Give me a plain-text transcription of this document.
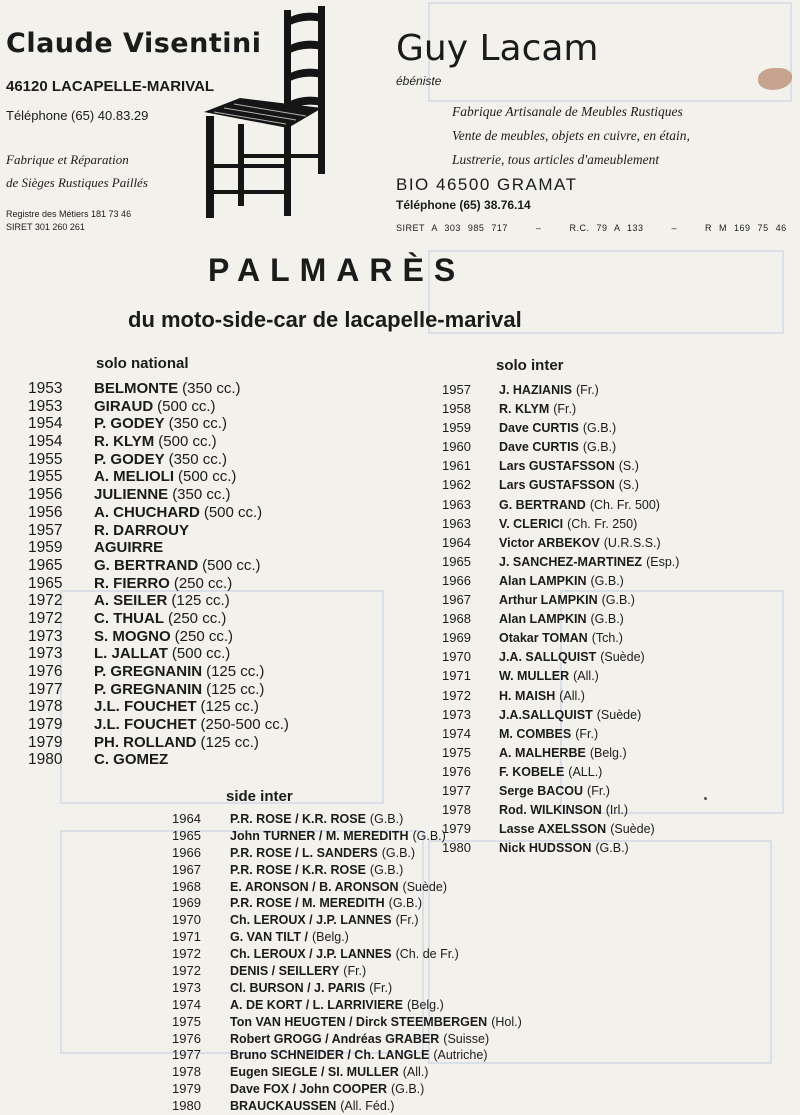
Claude Visentini
46120 LACAPELLE-MARIVAL
Téléphone (65) 40.83.29
Fabrique et Réparation
de Sièges Rustiques Paillés
Registre des Métiers 181 73 46
SIRET 301 260 261
Guy Lacam
ébéniste
Fabrique Artisanale de Meubles Rustiques
Vente de meubles, objets en cuivre, en étain,
Lustrerie, tous articles d'ameublement
BIO 46500 GRAMAT
Téléphone (65) 38.76.14
SIRET A 303 985 717	–	R.C. 79 A 133	–	R M 169 75 46
PALMARÈS
du moto-side-car de lacapelle-marival
solo national	solo inter
side inter
1953	BELMONTE (350 cc.)
1953	GIRAUD (500 cc.)
1954	P. GODEY (350 cc.)
1954	R. KLYM (500 cc.)
1955	P. GODEY (350 cc.)
1955	A. MELIOLI (500 cc.)
1956	JULIENNE (350 cc.)
1956	A. CHUCHARD (500 cc.)
1957	R. DARROUY
1959	AGUIRRE
1965	G. BERTRAND (500 cc.)
1965	R. FIERRO (250 cc.)
1972	A. SEILER (125 cc.)
1972	C. THUAL (250 cc.)
1973	S. MOGNO (250 cc.)
1973	L. JALLAT (500 cc.)
1976	P. GREGNANIN (125 cc.)
1977	P. GREGNANIN (125 cc.)
1978	J.L. FOUCHET (125 cc.)
1979	J.L. FOUCHET (250-500 cc.)
1979	PH. ROLLAND (125 cc.)
1980	C. GOMEZ
1957	J. HAZIANIS (Fr.)
1958	R. KLYM (Fr.)
1959	Dave CURTIS (G.B.)
1960	Dave CURTIS (G.B.)
1961	Lars GUSTAFSSON (S.)
1962	Lars GUSTAFSSON (S.)
1963	G. BERTRAND (Ch. Fr. 500)
1963	V. CLERICI (Ch. Fr. 250)
1964	Victor ARBEKOV (U.R.S.S.)
1965	J. SANCHEZ-MARTINEZ (Esp.)
1966	Alan LAMPKIN (G.B.)
1967	Arthur LAMPKIN (G.B.)
1968	Alan LAMPKIN (G.B.)
1969	Otakar TOMAN (Tch.)
1970	J.A. SALLQUIST (Suède)
1971	W. MULLER (All.)
1972	H. MAISH (All.)
1973	J.A.SALLQUIST (Suède)
1974	M. COMBES (Fr.)
1975	A. MALHERBE (Belg.)
1976	F. KOBELE (ALL.)
1977	Serge BACOU (Fr.)
1978	Rod. WILKINSON (Irl.)
1979	Lasse AXELSSON (Suède)
1980	Nick HUDSSON (G.B.)
1964	P.R. ROSE / K.R. ROSE (G.B.)
1965	John TURNER / M. MEREDITH (G.B.)
1966	P.R. ROSE / L. SANDERS (G.B.)
1967	P.R. ROSE / K.R. ROSE (G.B.)
1968	E. ARONSON / B. ARONSON (Suède)
1969	P.R. ROSE / M. MEREDITH (G.B.)
1970	Ch. LEROUX / J.P. LANNES (Fr.)
1971	G. VAN TILT / (Belg.)
1972	Ch. LEROUX / J.P. LANNES (Ch. de Fr.)
1972	DENIS / SEILLERY (Fr.)
1973	Cl. BURSON / J. PARIS (Fr.)
1974	A. DE KORT / L. LARRIVIERE (Belg.)
1975	Ton VAN HEUGTEN / Dirck STEEMBERGEN (Hol.)
1976	Robert GROGG / Andréas GRABER (Suisse)
1977	Bruno SCHNEIDER / Ch. LANGLE (Autriche)
1978	Eugen SIEGLE / SI. MULLER (All.)
1979	Dave FOX / John COOPER (G.B.)
1980	BRAUCKAUSSEN (All. Féd.)
